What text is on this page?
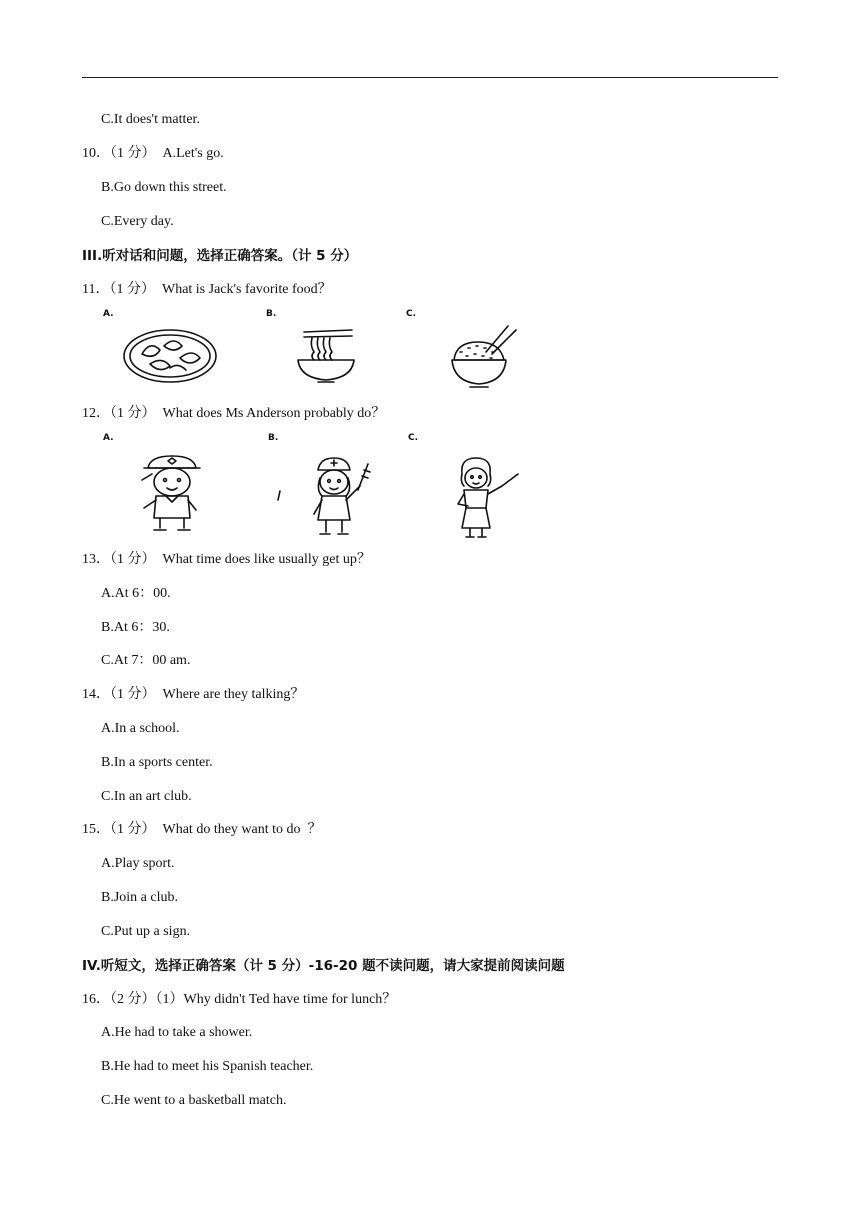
C.It does't matter.
10．（1 分）  A.Let's go.
B.Go down this street.
C.Every day.
III.听对话和问题，选择正确答案。（计 5 分）
11．（1 分）  What is Jack's favorite food？
A.	B.	C.
12．（1 分）  What does Ms Anderson probably do？
A.	B.	C.
13．（1 分）  What time does like usually get up？
A.At 6：00.
B.At 6：30.
C.At 7：00 am.
14．（1 分）  Where are they talking？
A.In a school.
B.In a sports center.
C.In an art club.
15．（1 分）  What do they want to do  ？
A.Play sport.
B.Join a club.
C.Put up a sign.
IV.听短文，选择正确答案（计 5 分）-16-20 题不读问题，请大家提前阅读问题
16．（2 分）（1）Why didn't Ted have time for lunch？
A.He had to take a shower.
B.He had to meet his Spanish teacher.
C.He went to a basketball match.
